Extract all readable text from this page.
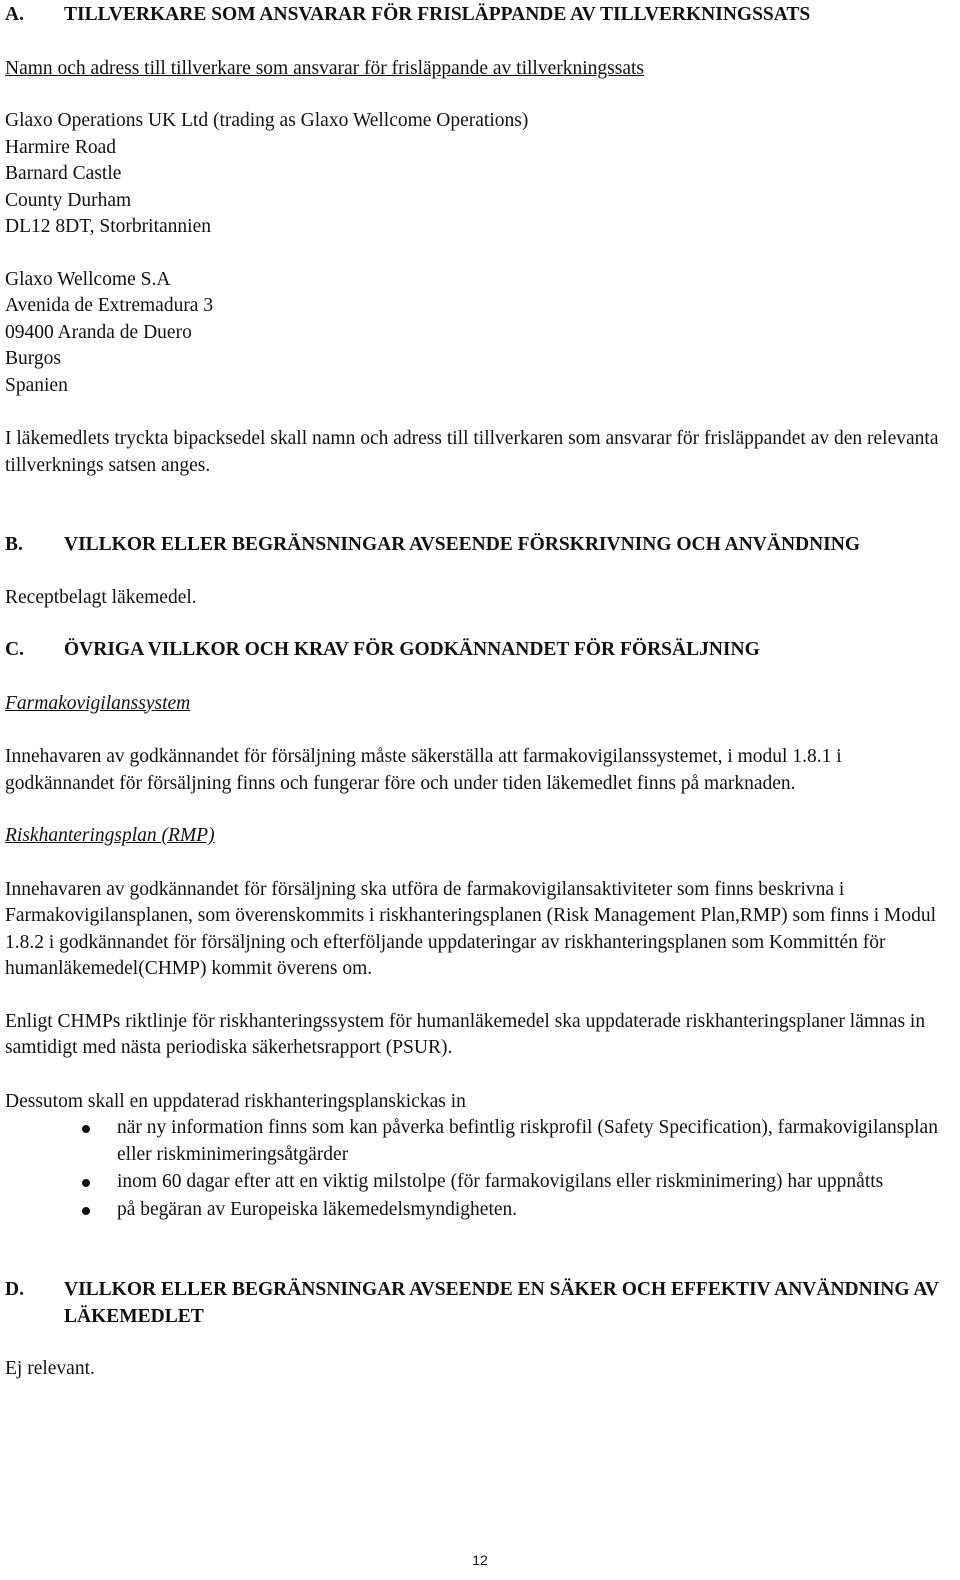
A. TILLVERKARE SOM ANSVARAR FÖR FRISLÄPPANDE AV TILLVERKNINGSSATS

Namn och adress till tillverkare som ansvarar för frisläppande av tillverkningssats

Glaxo Operations UK Ltd (trading as Glaxo Wellcome Operations)
Harmire Road
Barnard Castle
County Durham
DL12 8DT, Storbritannien
Glaxo Wellcome S.A
Avenida de Extremadura 3
09400 Aranda de Duero
Burgos
Spanien

I läkemedlets tryckta bipacksedel skall namn och adress till tillverkaren som ansvarar för frisläppandet av den relevanta tillverknings satsen anges.

B. VILLKOR ELLER BEGRÄNSNINGAR AVSEENDE FÖRSKRIVNING OCH ANVÄNDNING

Receptbelagt läkemedel.

C.	ÖVRIGA VILLKOR OCH KRAV FÖR GODKÄNNANDET FÖR FÖRSÄLJNING

Farmakovigilanssystem

Innehavaren av godkännandet för försäljning måste säkerställa att farmakovigilanssystemet, i modul 1.8.1 i godkännandet för försäljning finns och fungerar före och under tiden läkemedlet finns på marknaden.

Riskhanteringsplan (RMP)

Innehavaren av godkännandet för försäljning ska utföra de farmakovigilansaktiviteter som finns beskrivna i Farmakovigilansplanen, som överenskommits i riskhanteringsplanen (Risk Management Plan,RMP) som finns i Modul 1.8.2 i godkännandet för försäljning och efterföljande uppdateringar av riskhanteringsplanen som Kommittén för humanläkemedel(CHMP) kommit överens om.

Enligt CHMPs riktlinje för riskhanteringssystem för humanläkemedel ska uppdaterade riskhanteringsplaner lämnas in samtidigt med nästa periodiska säkerhetsrapport (PSUR).

Dessutom skall en uppdaterad riskhanteringsplanskickas in

när ny information finns som kan påverka befintlig riskprofil (Safety Specification), farmakovigilansplan eller riskminimeringsåtgärder
inom 60 dagar efter att en viktig milstolpe (för farmakovigilans eller riskminimering) har uppnåtts
på begäran av Europeiska läkemedelsmyndigheten.
D.	VILLKOR ELLER BEGRÄNSNINGAR AVSEENDE EN SÄKER OCH EFFEKTIV ANVÄNDNING AV LÄKEMEDLET

Ej relevant.

12
